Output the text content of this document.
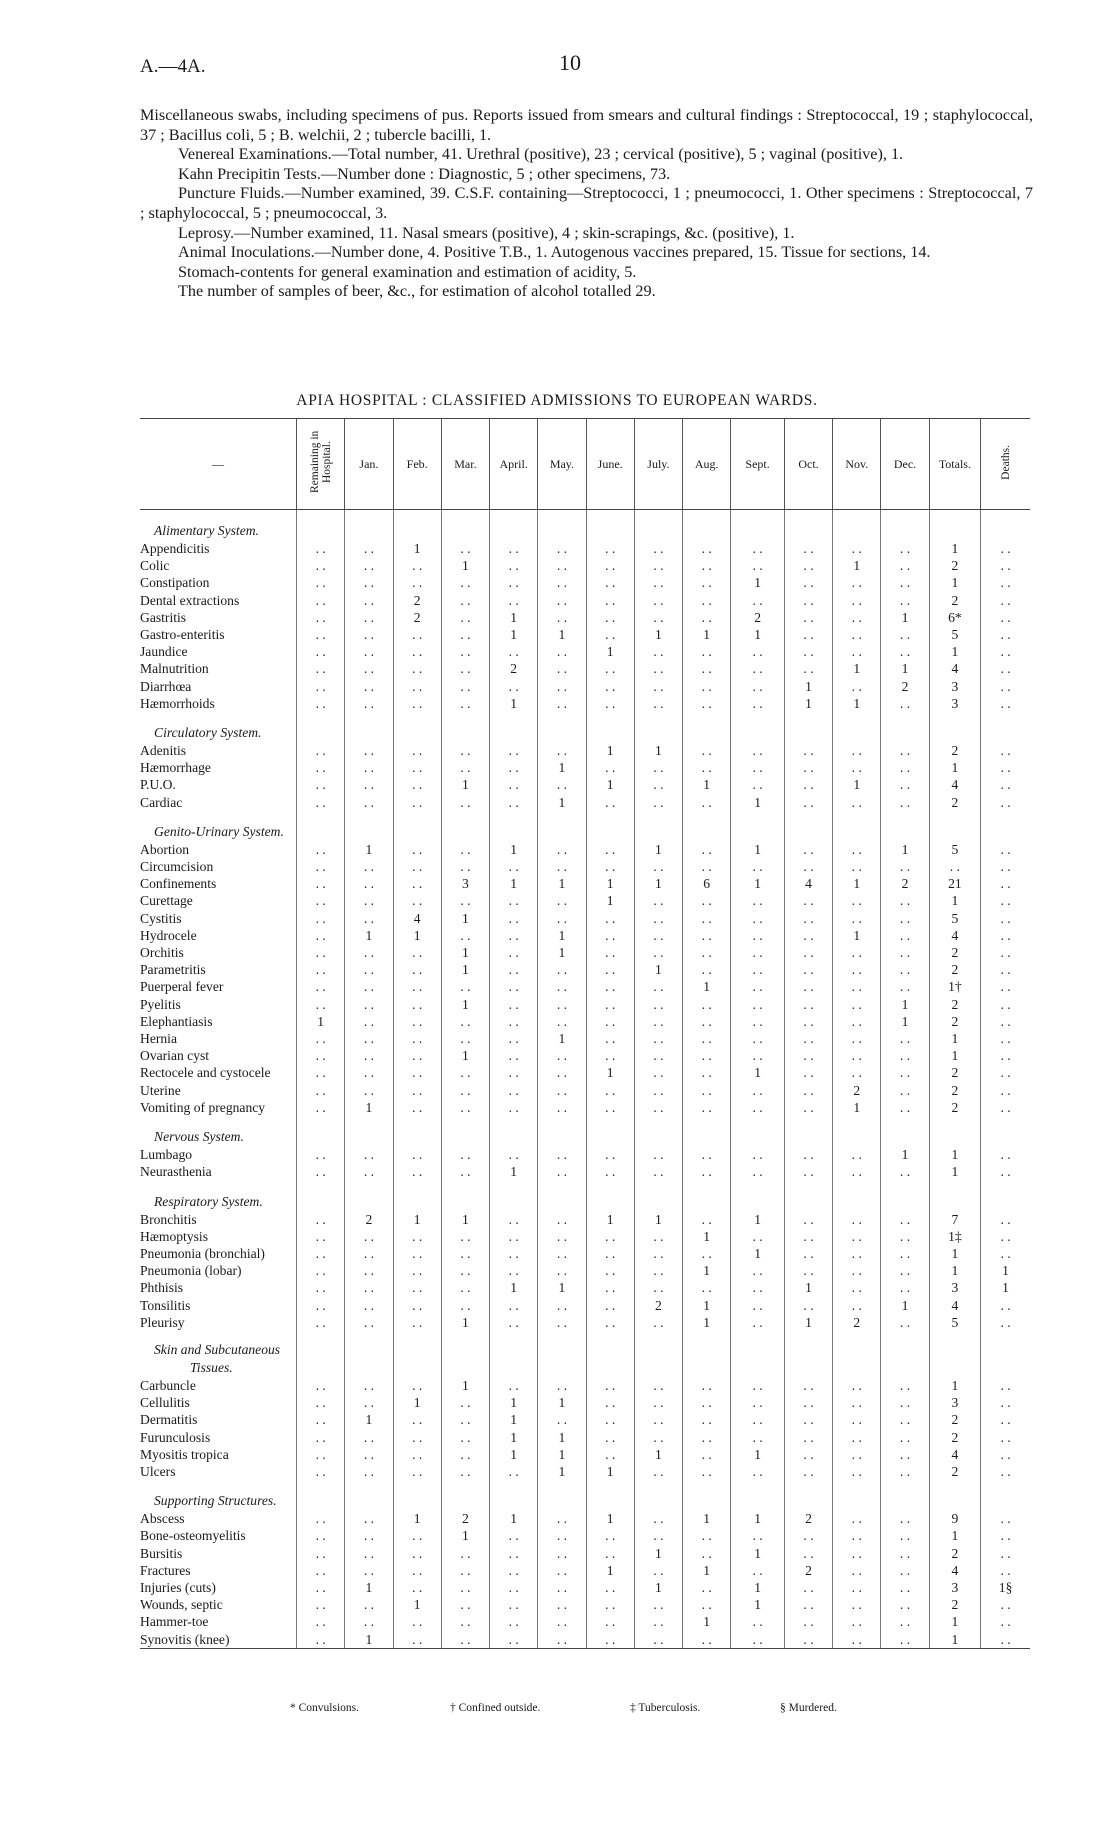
A.—4A.	10

Miscellaneous swabs, including specimens of pus. Reports issued from smears and cultural findings : Streptococcal, 19 ; staphylococcal, 37 ; Bacillus coli, 5 ; B. welchii, 2 ; tubercle bacilli, 1.

Venereal Examinations.—Total number, 41. Urethral (positive), 23 ; cervical (positive), 5 ; vaginal (positive), 1.

Kahn Precipitin Tests.—Number done : Diagnostic, 5 ; other specimens, 73.

Puncture Fluids.—Number examined, 39. C.S.F. containing—Streptococci, 1 ; pneumococci, 1. Other specimens : Streptococcal, 7 ; staphylococcal, 5 ; pneumococcal, 3.

Leprosy.—Number examined, 11. Nasal smears (positive), 4 ; skin-scrapings, &c. (positive), 1.

Animal Inoculations.—Number done, 4. Positive T.B., 1. Autogenous vaccines prepared, 15. Tissue for sections, 14.

Stomach-contents for general examination and estimation of acidity, 5.

The number of samples of beer, &c., for estimation of alcohol totalled 29.

APIA HOSPITAL : CLASSIFIED ADMISSIONS TO EUROPEAN WARDS.
—	Remaining in Hospital.	Jan.	Feb.	Mar.	April.	May.	June.	July.	Aug.	Sept.	Oct.	Nov.	Dec.	Totals.	Deaths.

Alimentary System.															

Appendicitis	. .	. .	1	. .	. .	. .	. .	. .	. .	. .	. .	. .	. .	1	. .
Colic	. .	. .	. .	1	. .	. .	. .	. .	. .	. .	. .	1	. .	2	. .
Constipation	. .	. .	. .	. .	. .	. .	. .	. .	. .	1	. .	. .	. .	1	. .
Dental extractions	. .	. .	2	. .	. .	. .	. .	. .	. .	. .	. .	. .	. .	2	. .
Gastritis	. .	. .	2	. .	1	. .	. .	. .	. .	2	. .	. .	1	6*	. .
Gastro-enteritis	. .	. .	. .	. .	1	1	. .	1	1	1	. .	. .	. .	5	. .
Jaundice	. .	. .	. .	. .	. .	. .	1	. .	. .	. .	. .	. .	. .	1	. .
Malnutrition	. .	. .	. .	. .	2	. .	. .	. .	. .	. .	. .	1	1	4	. .
Diarrhœa	. .	. .	. .	. .	. .	. .	. .	. .	. .	. .	1	. .	2	3	. .
Hæmorrhoids	. .	. .	. .	. .	1	. .	. .	. .	. .	. .	1	1	. .	3	. .

Circulatory System.															

Adenitis	. .	. .	. .	. .	. .	. .	1	1	. .	. .	. .	. .	. .	2	. .
Hæmorrhage	. .	. .	. .	. .	. .	1	. .	. .	. .	. .	. .	. .	. .	1	. .
P.U.O.	. .	. .	. .	1	. .	. .	1	. .	1	. .	. .	1	. .	4	. .
Cardiac	. .	. .	. .	. .	. .	1	. .	. .	. .	1	. .	. .	. .	2	. .

Genito-Urinary System.															

Abortion	. .	1	. .	. .	1	. .	. .	1	. .	1	. .	. .	1	5	. .
Circumcision	. .	. .	. .	. .	. .	. .	. .	. .	. .	. .	. .	. .	. .	. .	. .
Confinements	. .	. .	. .	3	1	1	1	1	6	1	4	1	2	21	. .
Curettage	. .	. .	. .	. .	. .	. .	1	. .	. .	. .	. .	. .	. .	1	. .
Cystitis	. .	. .	4	1	. .	. .	. .	. .	. .	. .	. .	. .	. .	5	. .
Hydrocele	. .	1	1	. .	. .	1	. .	. .	. .	. .	. .	1	. .	4	. .
Orchitis	. .	. .	. .	1	. .	1	. .	. .	. .	. .	. .	. .	. .	2	. .
Parametritis	. .	. .	. .	1	. .	. .	. .	1	. .	. .	. .	. .	. .	2	. .
Puerperal fever	. .	. .	. .	. .	. .	. .	. .	. .	1	. .	. .	. .	. .	1†	. .
Pyelitis	. .	. .	. .	1	. .	. .	. .	. .	. .	. .	. .	. .	1	2	. .
Elephantiasis	1	. .	. .	. .	. .	. .	. .	. .	. .	. .	. .	. .	1	2	. .
Hernia	. .	. .	. .	. .	. .	1	. .	. .	. .	. .	. .	. .	. .	1	. .
Ovarian cyst	. .	. .	. .	1	. .	. .	. .	. .	. .	. .	. .	. .	. .	1	. .
Rectocele and cystocele	. .	. .	. .	. .	. .	. .	1	. .	. .	1	. .	. .	. .	2	. .
Uterine	. .	. .	. .	. .	. .	. .	. .	. .	. .	. .	. .	2	. .	2	. .
Vomiting of pregnancy	. .	1	. .	. .	. .	. .	. .	. .	. .	. .	. .	1	. .	2	. .

Nervous System.															

Lumbago	. .	. .	. .	. .	. .	. .	. .	. .	. .	. .	. .	. .	1	1	. .
Neurasthenia	. .	. .	. .	. .	1	. .	. .	. .	. .	. .	. .	. .	. .	1	. .

Respiratory System.															

Bronchitis	. .	2	1	1	. .	. .	1	1	. .	1	. .	. .	. .	7	. .
Hæmoptysis	. .	. .	. .	. .	. .	. .	. .	. .	1	. .	. .	. .	. .	1‡	. .
Pneumonia (bronchial)	. .	. .	. .	. .	. .	. .	. .	. .	. .	1	. .	. .	. .	1	. .
Pneumonia (lobar)	. .	. .	. .	. .	. .	. .	. .	. .	1	. .	. .	. .	. .	1	1
Phthisis	. .	. .	. .	. .	1	1	. .	. .	. .	. .	1	. .	. .	3	1
Tonsilitis	. .	. .	. .	. .	. .	. .	. .	2	1	. .	. .	. .	1	4	. .
Pleurisy	. .	. .	. .	1	. .	. .	. .	. .	1	. .	1	2	. .	5	. .

Skin and Subcutaneous
Tissues.															

Carbuncle	. .	. .	. .	1	. .	. .	. .	. .	. .	. .	. .	. .	. .	1	. .
Cellulitis	. .	. .	1	. .	1	1	. .	. .	. .	. .	. .	. .	. .	3	. .
Dermatitis	. .	1	. .	. .	1	. .	. .	. .	. .	. .	. .	. .	. .	2	. .
Furunculosis	. .	. .	. .	. .	1	1	. .	. .	. .	. .	. .	. .	. .	2	. .
Myositis tropica	. .	. .	. .	. .	1	1	. .	1	. .	1	. .	. .	. .	4	. .
Ulcers	. .	. .	. .	. .	. .	1	1	. .	. .	. .	. .	. .	. .	2	. .

Supporting Structures.															

Abscess	. .	. .	1	2	1	. .	1	. .	1	1	2	. .	. .	9	. .
Bone-osteomyelitis	. .	. .	. .	1	. .	. .	. .	. .	. .	. .	. .	. .	. .	1	. .
Bursitis	. .	. .	. .	. .	. .	. .	. .	1	. .	1	. .	. .	. .	2	. .
Fractures	. .	. .	. .	. .	. .	. .	1	. .	1	. .	2	. .	. .	4	. .
Injuries (cuts)	. .	1	. .	. .	. .	. .	. .	1	. .	1	. .	. .	. .	3	1§
Wounds, septic	. .	. .	1	. .	. .	. .	. .	. .	. .	1	. .	. .	. .	2	. .
Hammer-toe	. .	. .	. .	. .	. .	. .	. .	. .	1	. .	. .	. .	. .	1	. .
Synovitis (knee)	. .	1	. .	. .	. .	. .	. .	. .	. .	. .	. .	. .	. .	1	. .
* Convulsions.	† Confined outside.	‡ Tuberculosis.	§ Murdered.
